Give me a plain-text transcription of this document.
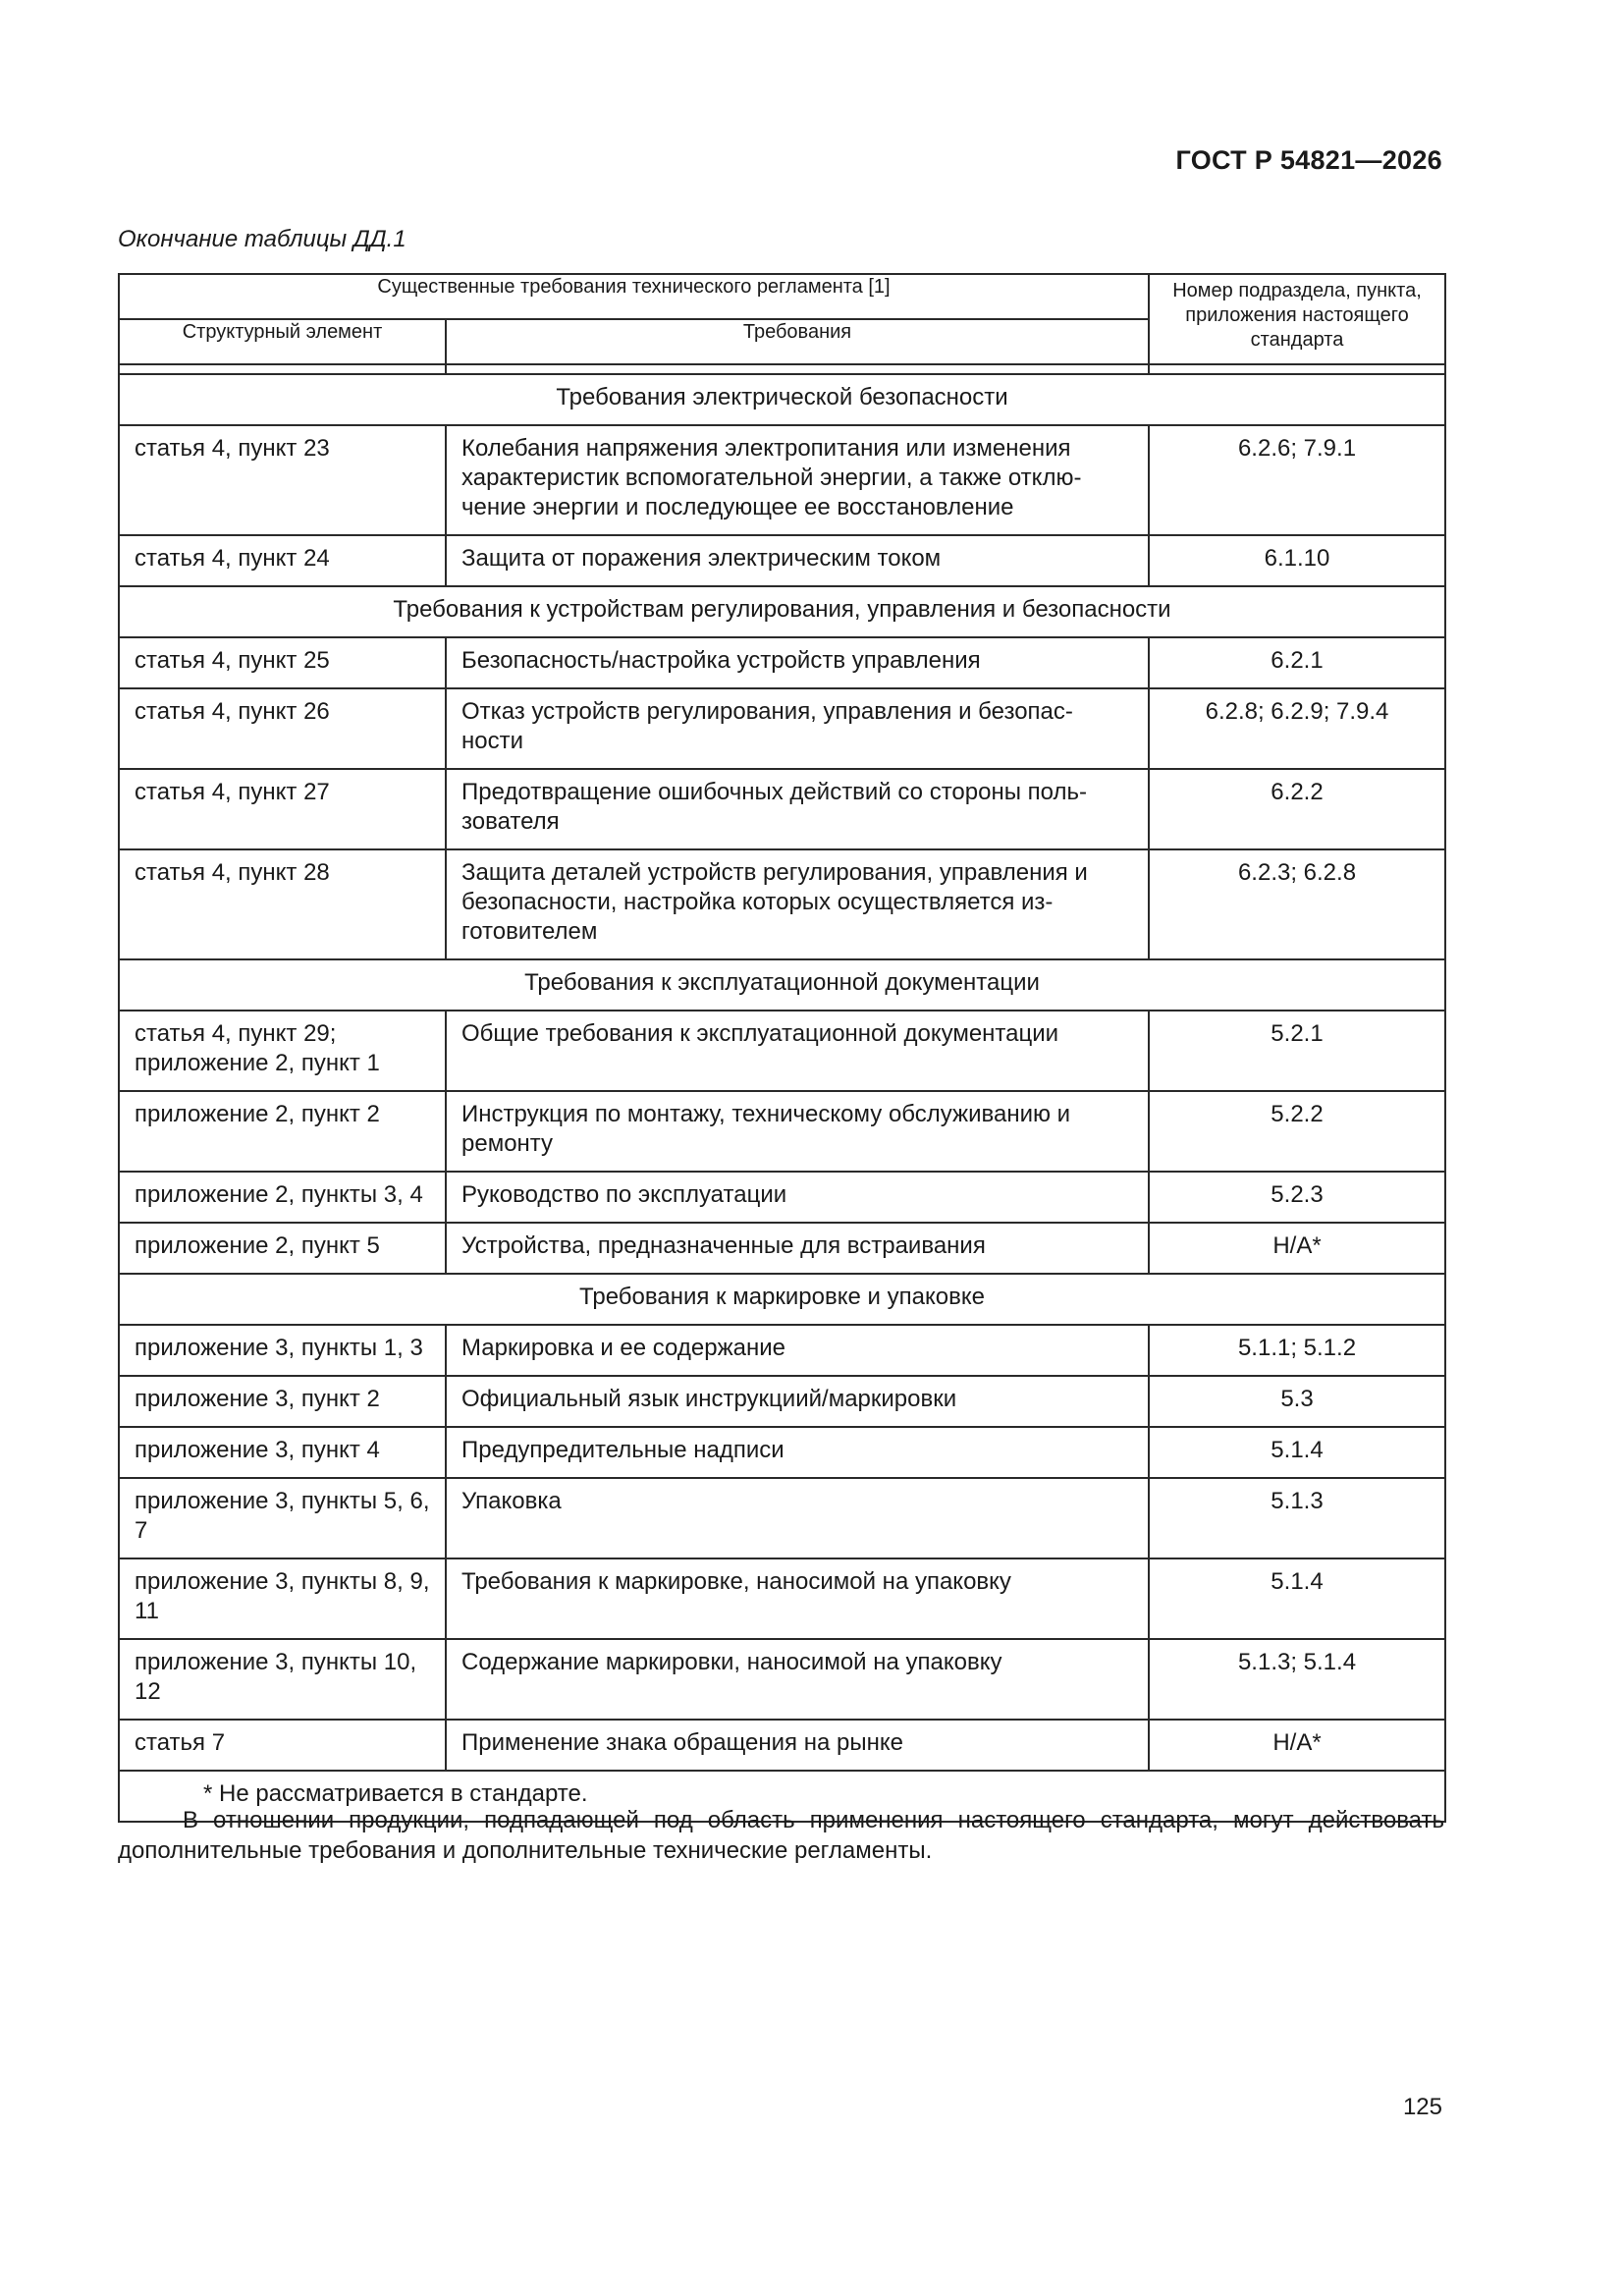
ГОСТ Р 54821—2026
Окончание таблицы ДД.1
Существенные требования технического регламента [1]		Номер подраздела, пункта, приложения настоящего стандарта
Структурный элемент	Требования	

Требования электрической безопасности		
статья 4, пункт 23	Колебания напряжения электропитания или изменения характеристик вспомогательной энергии, а также отклю-чение энергии и последующее ее восстановление	6.2.6; 7.9.1
статья 4, пункт 24	Защита от поражения электрическим током	6.1.10
Требования к устройствам регулирования, управления и безопасности		
статья 4, пункт 25	Безопасность/настройка устройств управления	6.2.1
статья 4, пункт 26	Отказ устройств регулирования, управления и безопас-ности	6.2.8; 6.2.9; 7.9.4
статья 4, пункт 27	Предотвращение ошибочных действий со стороны поль-зователя	6.2.2
статья 4, пункт 28	Защита деталей устройств регулирования, управления и безопасности, настройка которых осуществляется из-готовителем	6.2.3; 6.2.8
Требования к эксплуатационной документации		
статья 4, пункт 29; приложение 2, пункт 1	Общие требования к эксплуатационной документации	5.2.1
приложение 2, пункт 2	Инструкция по монтажу, техническому обслуживанию и ремонту	5.2.2
приложение 2, пункты 3, 4	Руководство по эксплуатации	5.2.3
приложение 2, пункт 5	Устройства, предназначенные для встраивания	Н/А*
Требования к маркировке и упаковке		
приложение 3, пункты 1, 3	Маркировка и ее содержание	5.1.1; 5.1.2
приложение 3, пункт 2	Официальный язык инструкциий/маркировки	5.3
приложение 3, пункт 4	Предупредительные надписи	5.1.4
приложение 3, пункты 5, 6, 7	Упаковка	5.1.3
приложение 3, пункты 8, 9, 11	Требования к маркировке, наносимой на упаковку	5.1.4
приложение 3, пункты 10, 12	Содержание маркировки, наносимой на упаковку	5.1.3; 5.1.4
статья 7	Применение знака обращения на рынке	Н/А*
* Не рассматривается в стандарте.		

В отношении продукции, подпадающей под область применения настоящего стандарта, могут действовать дополнительные требования и дополнительные технические регламенты.

125
